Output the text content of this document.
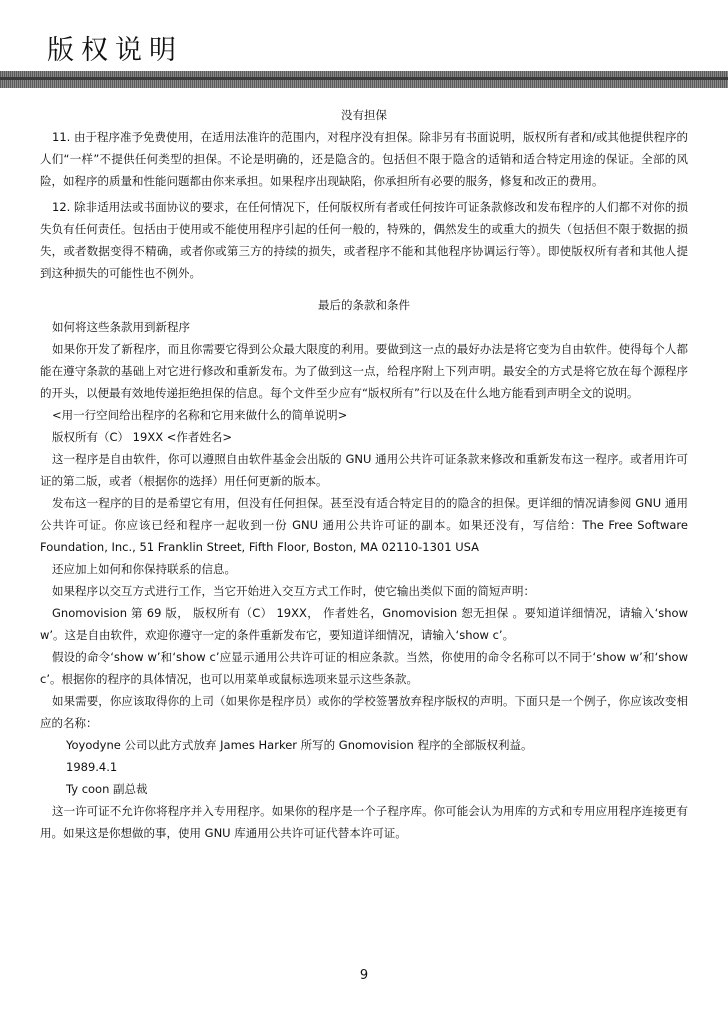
版权说明

没有担保

11. 由于程序准予免费使用，在适用法准许的范围内，对程序没有担保。除非另有书面说明，版权所有者和/或其他提供程序的人们“一样”不提供任何类型的担保。不论是明确的，还是隐含的。包括但不限于隐含的适销和适合特定用途的保证。全部的风险，如程序的质量和性能问题都由你来承担。如果程序出现缺陷，你承担所有必要的服务，修复和改正的费用。

12. 除非适用法或书面协议的要求，在任何情况下，任何版权所有者或任何按许可证条款修改和发布程序的人们都不对你的损失负有任何责任。包括由于使用或不能使用程序引起的任何一般的，特殊的，偶然发生的或重大的损失（包括但不限于数据的损失，或者数据变得不精确，或者你或第三方的持续的损失，或者程序不能和其他程序协调运行等）。即使版权所有者和其他人提到这种损失的可能性也不例外。

最后的条款和条件

如何将这些条款用到新程序

如果你开发了新程序，而且你需要它得到公众最大限度的利用。要做到这一点的最好办法是将它变为自由软件。使得每个人都能在遵守条款的基础上对它进行修改和重新发布。为了做到这一点，给程序附上下列声明。最安全的方式是将它放在每个源程序的开头，以便最有效地传递拒绝担保的信息。每个文件至少应有“版权所有”行以及在什么地方能看到声明全文的说明。

<用一行空间给出程序的名称和它用来做什么的简单说明>

版权所有（C） 19XX <作者姓名>

这一程序是自由软件，你可以遵照自由软件基金会出版的 GNU 通用公共许可证条款来修改和重新发布这一程序。或者用许可证的第二版，或者（根据你的选择）用任何更新的版本。

发布这一程序的目的是希望它有用，但没有任何担保。甚至没有适合特定目的的隐含的担保。更详细的情况请参阅 GNU 通用公共许可证。你应该已经和程序一起收到一份 GNU 通用公共许可证的副本。如果还没有，写信给：The Free Software Foundation, Inc., 51 Franklin Street, Fifth Floor, Boston, MA 02110-1301 USA

还应加上如何和你保持联系的信息。

如果程序以交互方式进行工作，当它开始进入交互方式工作时，使它输出类似下面的简短声明：

Gnomovision 第 69 版， 版权所有（C） 19XX， 作者姓名，Gnomovision 恕无担保 。要知道详细情况，请输入‘show w’。这是自由软件，欢迎你遵守一定的条件重新发布它，要知道详细情况，请输入‘show c’。

假设的命令‘show w’和‘show c’应显示通用公共许可证的相应条款。当然，你使用的命令名称可以不同于‘show w’和‘show c’。根据你的程序的具体情况，也可以用菜单或鼠标选项来显示这些条款。

如果需要，你应该取得你的上司（如果你是程序员）或你的学校签署放弃程序版权的声明。下面只是一个例子，你应该改变相应的名称：

Yoyodyne 公司以此方式放弃 James Harker 所写的 Gnomovision 程序的全部版权利益。

1989.4.1

Ty coon 副总裁

这一许可证不允许你将程序并入专用程序。如果你的程序是一个子程序库。你可能会认为用库的方式和专用应用程序连接更有用。如果这是你想做的事，使用 GNU 库通用公共许可证代替本许可证。

9
